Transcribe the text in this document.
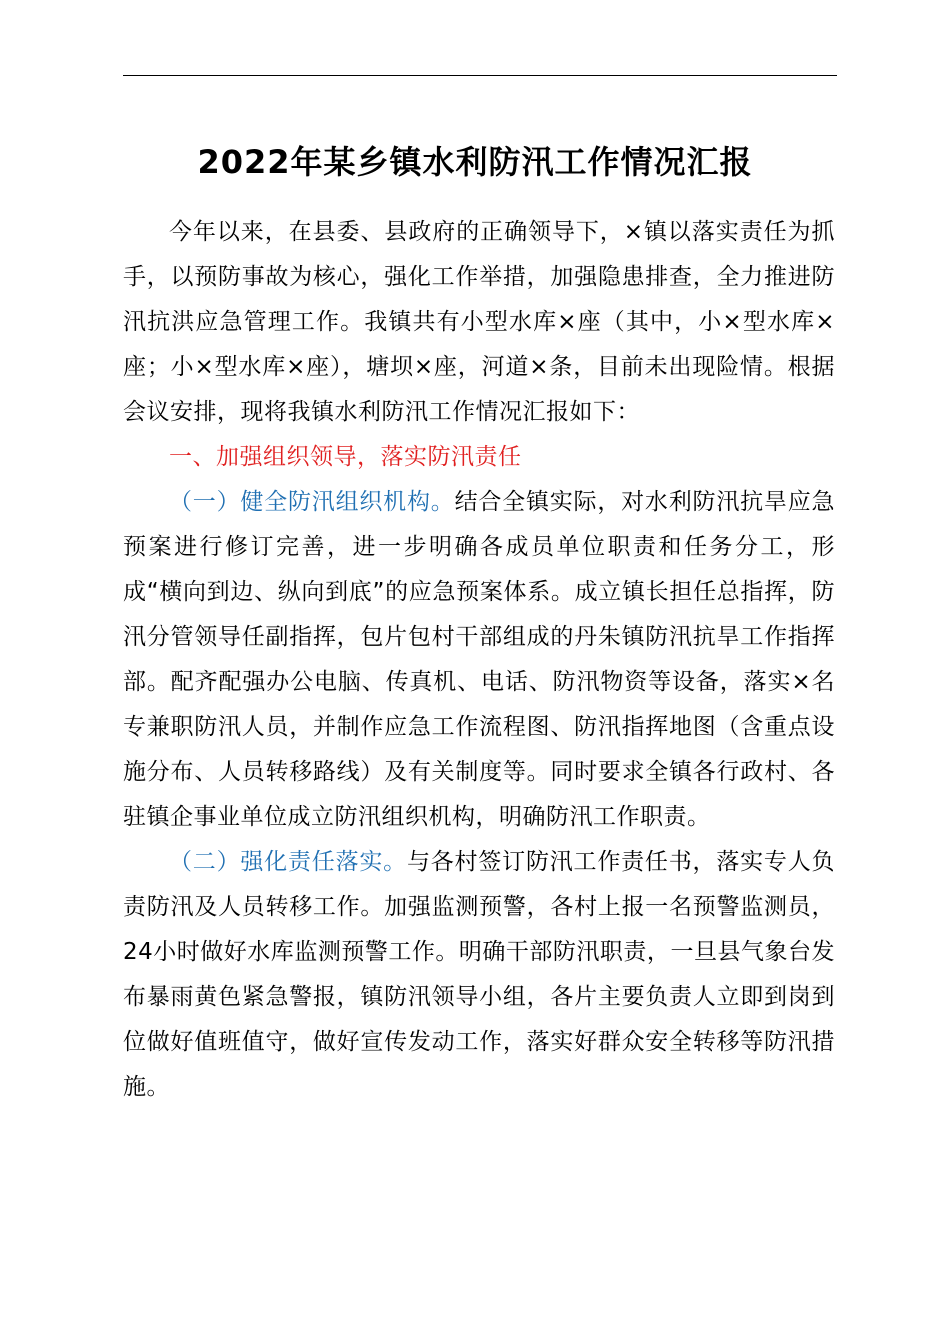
2022年某乡镇水利防汛工作情况汇报

今年以来，在县委、县政府的正确领导下，×镇以落实责任为抓手，以预防事故为核心，强化工作举措，加强隐患排查，全力推进防汛抗洪应急管理工作。我镇共有小型水库×座（其中，小×型水库×座；小×型水库×座），塘坝×座，河道×条，目前未出现险情。根据会议安排，现将我镇水利防汛工作情况汇报如下：

一、加强组织领导，落实防汛责任

（一）健全防汛组织机构。结合全镇实际，对水利防汛抗旱应急预案进行修订完善，进一步明确各成员单位职责和任务分工，形成“横向到边、纵向到底”的应急预案体系。成立镇长担任总指挥，防汛分管领导任副指挥，包片包村干部组成的丹朱镇防汛抗旱工作指挥部。配齐配强办公电脑、传真机、电话、防汛物资等设备，落实×名专兼职防汛人员，并制作应急工作流程图、防汛指挥地图（含重点设施分布、人员转移路线）及有关制度等。同时要求全镇各行政村、各驻镇企事业单位成立防汛组织机构，明确防汛工作职责。

（二）强化责任落实。与各村签订防汛工作责任书，落实专人负责防汛及人员转移工作。加强监测预警，各村上报一名预警监测员，24小时做好水库监测预警工作。明确干部防汛职责，一旦县气象台发布暴雨黄色紧急警报，镇防汛领导小组，各片主要负责人立即到岗到位做好值班值守，做好宣传发动工作，落实好群众安全转移等防汛措施。
